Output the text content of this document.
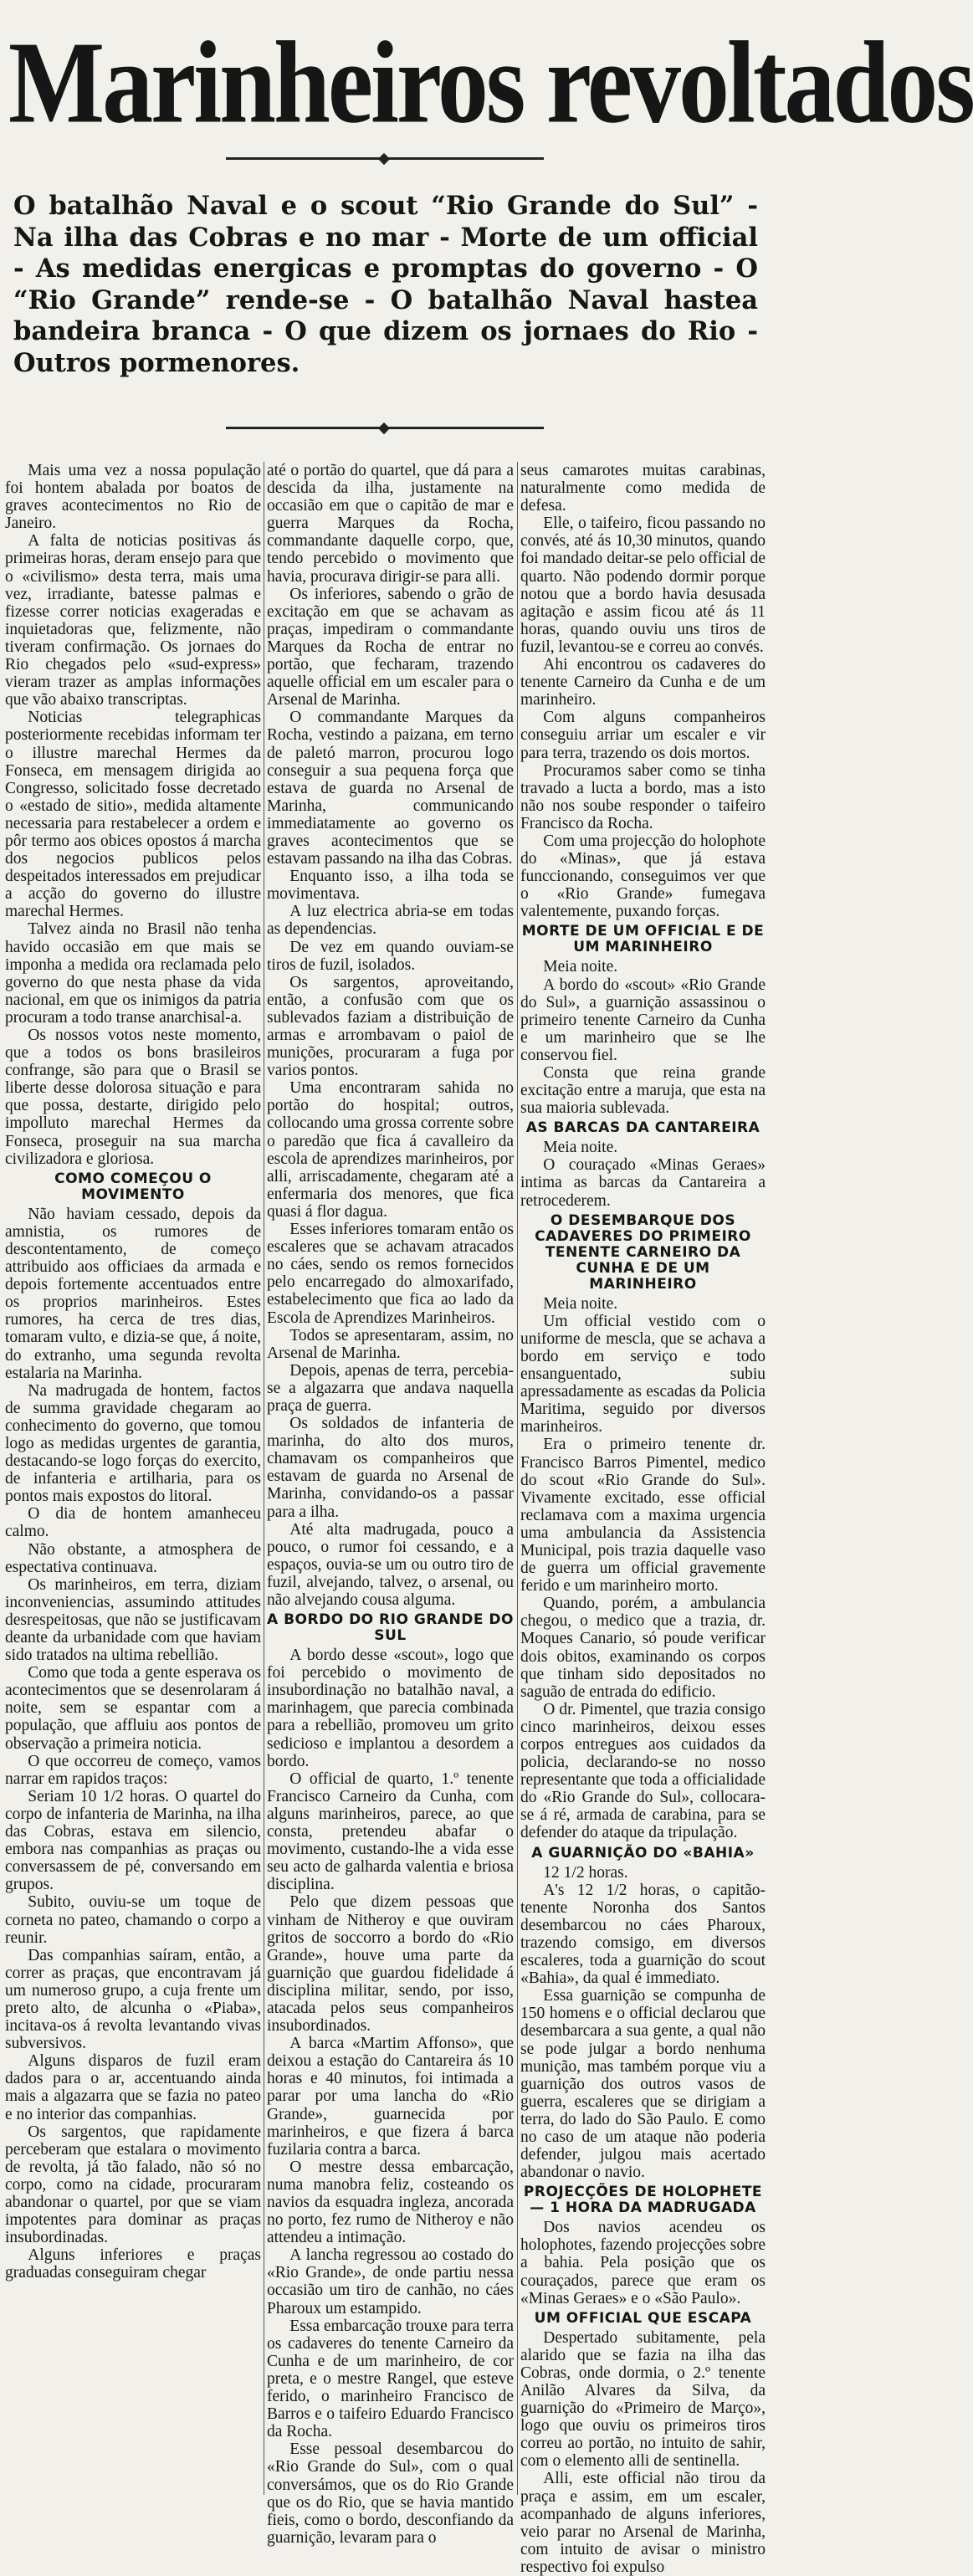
Marinheiros revoltados

O batalhão Naval e o scout “Rio Grande do Sul” - Na ilha das Cobras e no mar - Morte de um official - As medidas energicas e promptas do governo - O “Rio Grande” rende-se - O batalhão Naval hastea bandeira branca - O que dizem os jornaes do Rio - Outros pormenores.

Mais uma vez a nossa população foi hontem abalada por boatos de graves acontecimentos no Rio de Janeiro.

A falta de noticias positivas ás primeiras horas, deram ensejo para que o «civilismo» desta terra, mais uma vez, irradiante, batesse palmas e fizesse correr noticias exageradas e inquietadoras que, felizmente, não tiveram confirmação. Os jornaes do Rio chegados pelo «sud-express» vieram trazer as amplas informações que vão abaixo transcriptas.

Noticias telegraphicas posteriormente recebidas informam ter o illustre marechal Hermes da Fonseca, em mensagem dirigida ao Congresso, solicitado fosse decretado o «estado de sitio», medida altamente necessaria para restabelecer a ordem e pôr termo aos obices opostos á marcha dos negocios publicos pelos despeitados interessados em prejudicar a acção do governo do illustre marechal Hermes.

Talvez ainda no Brasil não tenha havido occasião em que mais se imponha a medida ora reclamada pelo governo do que nesta phase da vida nacional, em que os inimigos da patria procuram a todo transe anarchisal-a.

Os nossos votos neste momento, que a todos os bons brasileiros confrange, são para que o Brasil se liberte desse dolorosa situação e para que possa, destarte, dirigido pelo impolluto marechal Hermes da Fonseca, proseguir na sua marcha civilizadora e gloriosa.

COMO COMEÇOU O MOVIMENTO

Não haviam cessado, depois da amnistia, os rumores de descontentamento, de começo attribuido aos officiaes da armada e depois fortemente accentuados entre os proprios marinheiros. Estes rumores, ha cerca de tres dias, tomaram vulto, e dizia-se que, á noite, do extranho, uma segunda revolta estalaria na Marinha.

Na madrugada de hontem, factos de summa gravidade chegaram ao conhecimento do governo, que tomou logo as medidas urgentes de garantia, destacando-se logo forças do exercito, de infanteria e artilharia, para os pontos mais expostos do litoral.

O dia de hontem amanheceu calmo.

Não obstante, a atmosphera de espectativa continuava.

Os marinheiros, em terra, diziam inconveniencias, assumindo attitudes desrespeitosas, que não se justificavam deante da urbanidade com que haviam sido tratados na ultima rebellião.

Como que toda a gente esperava os acontecimentos que se desenrolaram á noite, sem se espantar com a população, que affluiu aos pontos de observação a primeira noticia.

O que occorreu de começo, vamos narrar em rapidos traços:

Seriam 10 1/2 horas. O quartel do corpo de infanteria de Marinha, na ilha das Cobras, estava em silencio, embora nas companhias as praças ou conversassem de pé, conversando em grupos.

Subito, ouviu-se um toque de corneta no pateo, chamando o corpo a reunir.

Das companhias saíram, então, a correr as praças, que encontravam já um numeroso grupo, a cuja frente um preto alto, de alcunha o «Piaba», incitava-os á revolta levantando vivas subversivos.

Alguns disparos de fuzil eram dados para o ar, accentuando ainda mais a algazarra que se fazia no pateo e no interior das companhias.

Os sargentos, que rapidamente perceberam que estalara o movimento de revolta, já tão falado, não só no corpo, como na cidade, procuraram abandonar o quartel, por que se viam impotentes para dominar as praças insubordinadas.

Alguns inferiores e praças graduadas conseguiram chegar

até o portão do quartel, que dá para a descida da ilha, justamente na occasião em que o capitão de mar e guerra Marques da Rocha, commandante daquelle corpo, que, tendo percebido o movimento que havia, procurava dirigir-se para alli.

Os inferiores, sabendo o grão de excitação em que se achavam as praças, impediram o commandante Marques da Rocha de entrar no portão, que fecharam, trazendo aquelle official em um escaler para o Arsenal de Marinha.

O commandante Marques da Rocha, vestindo a paizana, em terno de paletó marron, procurou logo conseguir a sua pequena força que estava de guarda no Arsenal de Marinha, communicando immediatamente ao governo os graves acontecimentos que se estavam passando na ilha das Cobras.

Enquanto isso, a ilha toda se movimentava.

A luz electrica abria-se em todas as dependencias.

De vez em quando ouviam-se tiros de fuzil, isolados.

Os sargentos, aproveitando, então, a confusão com que os sublevados faziam a distribuição de armas e arrombavam o paiol de munições, procuraram a fuga por varios pontos.

Uma encontraram sahida no portão do hospital; outros, collocando uma grossa corrente sobre o paredão que fica á cavalleiro da escola de aprendizes marinheiros, por alli, arriscadamente, chegaram até a enfermaria dos menores, que fica quasi á flor dagua.

Esses inferiores tomaram então os escaleres que se achavam atracados no cáes, sendo os remos fornecidos pelo encarregado do almoxarifado, estabelecimento que fica ao lado da Escola de Aprendizes Marinheiros.

Todos se apresentaram, assim, no Arsenal de Marinha.

Depois, apenas de terra, percebia-se a algazarra que andava naquella praça de guerra.

Os soldados de infanteria de marinha, do alto dos muros, chamavam os companheiros que estavam de guarda no Arsenal de Marinha, convidando-os a passar para a ilha.

Até alta madrugada, pouco a pouco, o rumor foi cessando, e a espaços, ouvia-se um ou outro tiro de fuzil, alvejando, talvez, o arsenal, ou não alvejando cousa alguma.

A BORDO DO RIO GRANDE DO SUL

A bordo desse «scout», logo que foi percebido o movimento de insubordinação no batalhão naval, a marinhagem, que parecia combinada para a rebellião, promoveu um grito sedicioso e implantou a desordem a bordo.

O official de quarto, 1.º tenente Francisco Carneiro da Cunha, com alguns marinheiros, parece, ao que consta, pretendeu abafar o movimento, custando-lhe a vida esse seu acto de galharda valentia e briosa disciplina.

Pelo que dizem pessoas que vinham de Nitheroy e que ouviram gritos de soccorro a bordo do «Rio Grande», houve uma parte da guarnição que guardou fidelidade á disciplina militar, sendo, por isso, atacada pelos seus companheiros insubordinados.

A barca «Martim Affonso», que deixou a estação do Cantareira ás 10 horas e 40 minutos, foi intimada a parar por uma lancha do «Rio Grande», guarnecida por marinheiros, e que fizera á barca fuzilaria contra a barca.

O mestre dessa embarcação, numa manobra feliz, costeando os navios da esquadra ingleza, ancorada no porto, fez rumo de Nitheroy e não attendeu a intimação.

A lancha regressou ao costado do «Rio Grande», de onde partiu nessa occasião um tiro de canhão, no cáes Pharoux um estampido.

Essa embarcação trouxe para terra os cadaveres do tenente Carneiro da Cunha e de um marinheiro, de cor preta, e o mestre Rangel, que esteve ferido, o marinheiro Francisco de Barros e o taifeiro Eduardo Francisco da Rocha.

Esse pessoal desembarcou do «Rio Grande do Sul», com o qual conversámos, que os do Rio Grande que os do Rio, que se havia mantido fieis, como o bordo, desconfiando da guarnição, levaram para o

seus camarotes muitas carabinas, naturalmente como medida de defesa.

Elle, o taifeiro, ficou passando no convés, até ás 10,30 minutos, quando foi mandado deitar-se pelo official de quarto. Não podendo dormir porque notou que a bordo havia desusada agitação e assim ficou até ás 11 horas, quando ouviu uns tiros de fuzil, levantou-se e correu ao convés.

Ahi encontrou os cadaveres do tenente Carneiro da Cunha e de um marinheiro.

Com alguns companheiros conseguiu arriar um escaler e vir para terra, trazendo os dois mortos.

Procuramos saber como se tinha travado a lucta a bordo, mas a isto não nos soube responder o taifeiro Francisco da Rocha.

Com uma projecção do holophote do «Minas», que já estava funccionando, conseguimos ver que o «Rio Grande» fumegava valentemente, puxando forças.

MORTE DE UM OFFICIAL E DE UM MARINHEIRO

Meia noite.

A bordo do «scout» «Rio Grande do Sul», a guarnição assassinou o primeiro tenente Carneiro da Cunha e um marinheiro que se lhe conservou fiel.

Consta que reina grande excitação entre a maruja, que esta na sua maioria sublevada.

AS BARCAS DA CANTAREIRA

Meia noite.

O couraçado «Minas Geraes» intima as barcas da Cantareira a retrocederem.

O DESEMBARQUE DOS CADAVERES DO PRIMEIRO TENENTE CARNEIRO DA CUNHA E DE UM MARINHEIRO

Meia noite.

Um official vestido com o uniforme de mescla, que se achava a bordo em serviço e todo ensanguentado, subiu apressadamente as escadas da Policia Maritima, seguido por diversos marinheiros.

Era o primeiro tenente dr. Francisco Barros Pimentel, medico do scout «Rio Grande do Sul». Vivamente excitado, esse official reclamava com a maxima urgencia uma ambulancia da Assistencia Municipal, pois trazia daquelle vaso de guerra um official gravemente ferido e um marinheiro morto.

Quando, porém, a ambulancia chegou, o medico que a trazia, dr. Moques Canario, só poude verificar dois obitos, examinando os corpos que tinham sido depositados no saguão de entrada do edificio.

O dr. Pimentel, que trazia consigo cinco marinheiros, deixou esses corpos entregues aos cuidados da policia, declarando-se no nosso representante que toda a officialidade do «Rio Grande do Sul», collocara-se á ré, armada de carabina, para se defender do ataque da tripulação.

A GUARNIÇÃO DO «BAHIA»

12 1/2 horas.

A's 12 1/2 horas, o capitão-tenente Noronha dos Santos desembarcou no cáes Pharoux, trazendo comsigo, em diversos escaleres, toda a guarnição do scout «Bahia», da qual é immediato.

Essa guarnição se compunha de 150 homens e o official declarou que desembarcara a sua gente, a qual não se pode julgar a bordo nenhuma munição, mas também porque viu a guarnição dos outros vasos de guerra, escaleres que se dirigiam a terra, do lado do São Paulo. E como no caso de um ataque não poderia defender, julgou mais acertado abandonar o navio.

PROJECÇÕES DE HOLOPHETE — 1 HORA DA MADRUGADA

Dos navios acendeu os holophotes, fazendo projecções sobre a bahia. Pela posição que os couraçados, parece que eram os «Minas Geraes» e o «São Paulo».

UM OFFICIAL QUE ESCAPA

Despertado subitamente, pela alarido que se fazia na ilha das Cobras, onde dormia, o 2.º tenente Anilão Alvares da Silva, da guarnição do «Primeiro de Março», logo que ouviu os primeiros tiros correu ao portão, no intuito de sahir, com o elemento alli de sentinella.

Alli, este official não tirou da praça e assim, em um escaler, acompanhado de alguns inferiores, veio parar no Arsenal de Marinha, com intuito de avisar o ministro respectivo foi expulso
